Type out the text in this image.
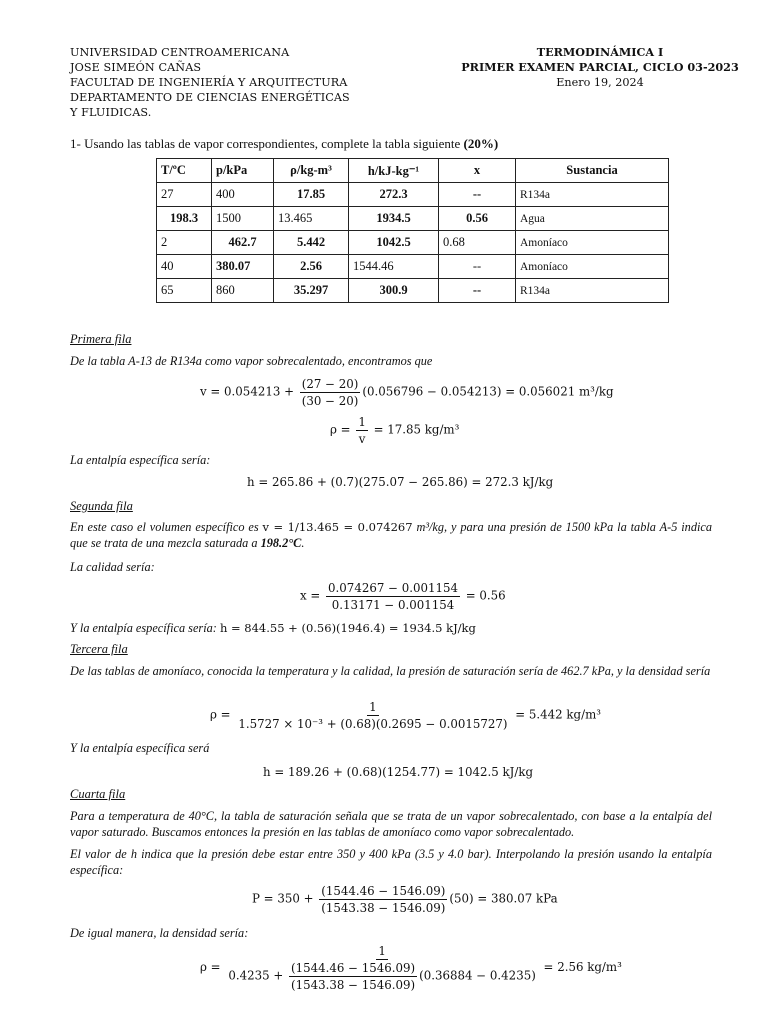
UNIVERSIDAD CENTROAMERICANA
JOSE SIMEÓN CAÑAS
FACULTAD DE INGENIERÍA Y ARQUITECTURA
DEPARTAMENTO DE CIENCIAS ENERGÉTICAS
Y FLUIDICAS.
TERMODINÁMICA I
PRIMER EXAMEN PARCIAL, CICLO 03-2023
Enero 19, 2024
1- Usando las tablas de vapor correspondientes, complete la tabla siguiente (20%)
T/ºC	p/kPa	ρ/kg-m³	h/kJ-kg⁻¹	x	Sustancia
27	400	17.85	272.3	--	R134a
198.3	1500	13.465	1934.5	0.56	Agua
2	462.7	5.442	1042.5	0.68	Amoníaco
40	380.07	2.56	1544.46	--	Amoníaco
65	860	35.297	300.9	--	R134a
Primera fila
De la tabla A-13 de R134a como vapor sobrecalentado, encontramos que
$v = 0.054213 + \frac{(27 - 20)}{(30 - 20)} (0.056796 - 0.054213) = 0.056021$ m³/kg
$\rho = \frac{1}{v} = 17.85$ kg/m³
La entalpía específica sería:
h = 265.86 + (0.7)(275.07 − 265.86) = 272.3 kJ/kg
Segunda fila
En este caso el volumen específico es v = 1/13.465 = 0.074267 m³/kg, y para una presión de 1500 kPa la tabla A-5 indica que se trata de una mezcla saturada a 198.2°C.
La calidad sería:
$x = \frac{0.074267 - 0.001154}{0.13171 - 0.001154} = 0.56$
Y la entalpía específica sería: h = 844.55 + (0.56)(1946.4) = 1934.5 kJ/kg
Tercera fila
De las tablas de amoníaco, conocida la temperatura y la calidad, la presión de saturación sería de 462.7 kPa, y la densidad sería
$\rho = \frac{1}{\text{1.5727 × 10⁻³ + (0.68)(0.2695 − 0.0015727)}} = 5.442$ kg/m³
Y la entalpía específica será
h = 189.26 + (0.68)(1254.77) = 1042.5 kJ/kg
Cuarta fila
Para a temperatura de 40°C, la tabla de saturación señala que se trata de un vapor sobrecalentado, con base a la entalpía del vapor saturado. Buscamos entonces la presión en las tablas de amoníaco como vapor sobrecalentado.
El valor de h indica que la presión debe estar entre 350 y 400 kPa (3.5 y 4.0 bar). Interpolando la presión usando la entalpía específica:
$P = 350 + \frac{(1544.46 - 1546.09)}{(1543.38 - 1546.09)} (50) = 380.07$ kPa
De igual manera, la densidad sería:
ρ =
1
$0.4235 + \frac{(1544.46 - 1546.09)}{(1543.38 - 1546.09)} (0.36884 - 0.4235)$
= 2.56 kg/m³
